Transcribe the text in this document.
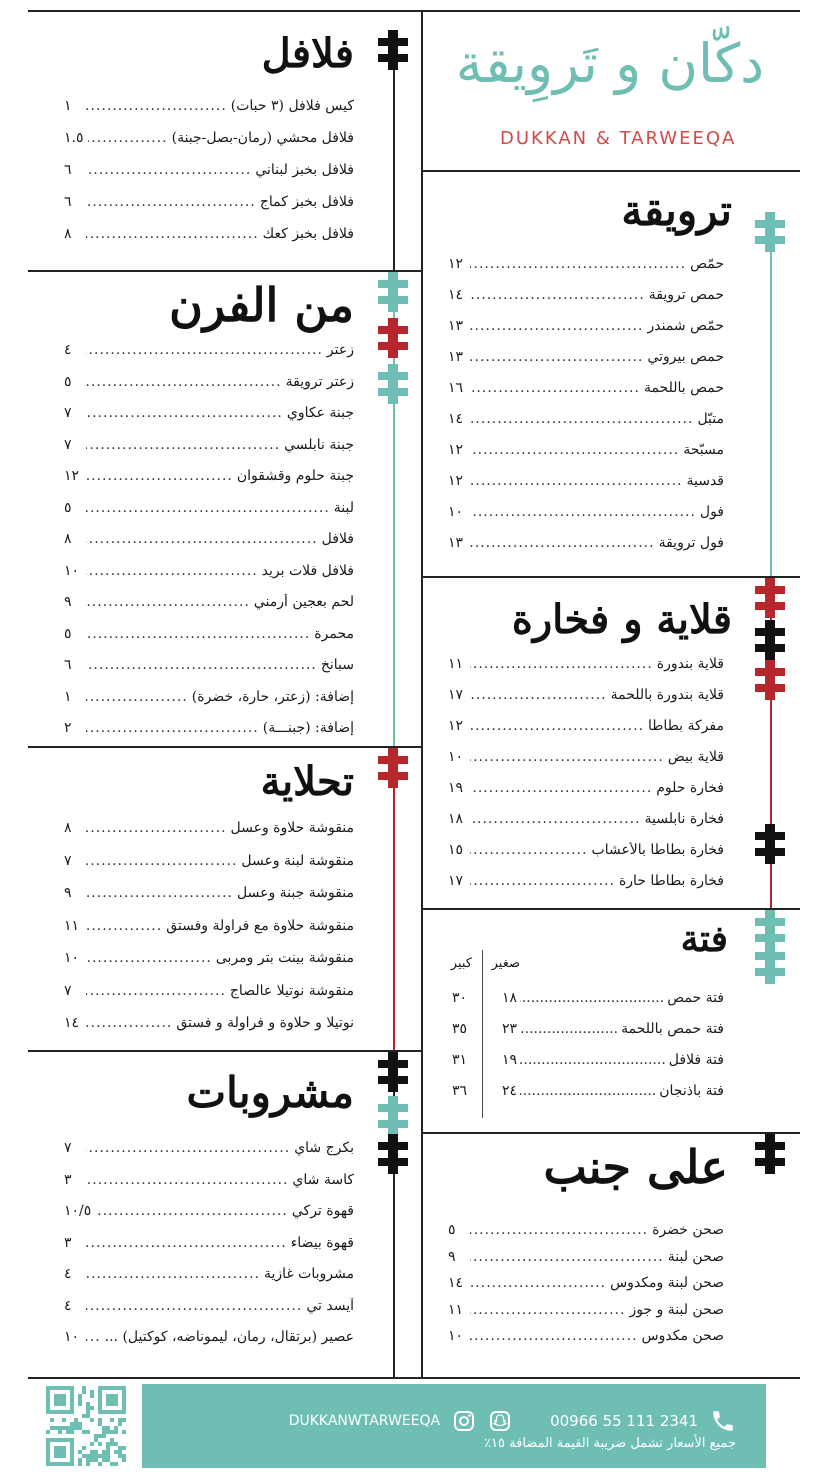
دكّان و تَروِيقة
DUKKAN & TARWEEQA
فلافل
كيس فلافل (٣ حبات)
.....
١
فلافل محشي (رمان-بصل-جبنة)
.....
١.٥
فلافل بخبز لبناني
.....
٦
فلافل بخبز كماج
.....
٦
فلافل بخبز كعك
.....
٨
من الفرن
زعتر
.....
٤
زعتر ترويقة
.....
٥
جبنة عكاوي
.....
٧
جبنة نابلسي
.....
٧
جبنة حلوم وقشقوان
.....
١٢
لبنة
.....
٥
فلافل
.....
٨
فلافل فلات بريد
.....
١٠
لحم بعجين أرمني
.....
٩
محمرة
.....
٥
سبانخ
.....
٦
إضافة: (زعتر، حارة، خضرة)
.....
١
إضافة: (جبنـــة)
.....
٢
تحلاية
منقوشة حلاوة وعسل
.....
٨
منقوشة لبنة وعسل
.....
٧
منقوشة جبنة وعسل
.....
٩
منقوشة حلاوة مع فراولة وفستق
.....
١١
منقوشة بينت بتر ومربى
.....
١٠
منقوشة نوتيلا عالصاج
.....
٧
نوتيلا و حلاوة و فراولة و فستق
.....
١٤
مشروبات
بكرج شاي
.....
٧
كاسة شاي
.....
٣
قهوة تركي
.....
١٠/٥
قهوة بيضاء
.....
٣
مشروبات غازية
.....
٤
آيسد تي
.....
٤
عصير (برتقال، رمان، ليموناضه، كوكتيل) ...
.....
١٠
ترويقة
حمّص
.....
١٢
حمص ترويقة
.....
١٤
حمّص شمندر
.....
١٣
حمص بيروتي
.....
١٣
حمص باللحمة
.....
١٦
متبّل
.....
١٤
مسبّحة
.....
١٢
قدسية
.....
١٢
فول
.....
١٠
فول ترويقة
.....
١٣
قلاية و فخارة
قلاية بندورة
.....
١١
قلاية بندورة باللحمة
.....
١٧
مفركة بطاطا
.....
١٢
قلاية بيض
.....
١٠
فخارة حلوم
.....
١٩
فخارة نابلسية
.....
١٨
فخارة بطاطا بالأعشاب
.....
١٥
فخارة بطاطا حارة
.....
١٧
فتة
صغير
كبير
فتة حمص
.....
١٨
٣٠
فتة حمص باللحمة
.....
٢٣
٣٥
فتة فلافل
.....
١٩
٣١
فتة باذنجان
.....
٢٤
٣٦
على جنب
صحن خضرة
.....
٥
صحن لبنة
.....
٩
صحن لبنة ومكدوس
.....
١٤
صحن لبنة و جوز
.....
١١
صحن مكدوس
.....
١٠
DUKKANWTARWEEQA	00966 55 111 2341
جميع الأسعار تشمل ضريبة القيمة المضافة ١٥٪
